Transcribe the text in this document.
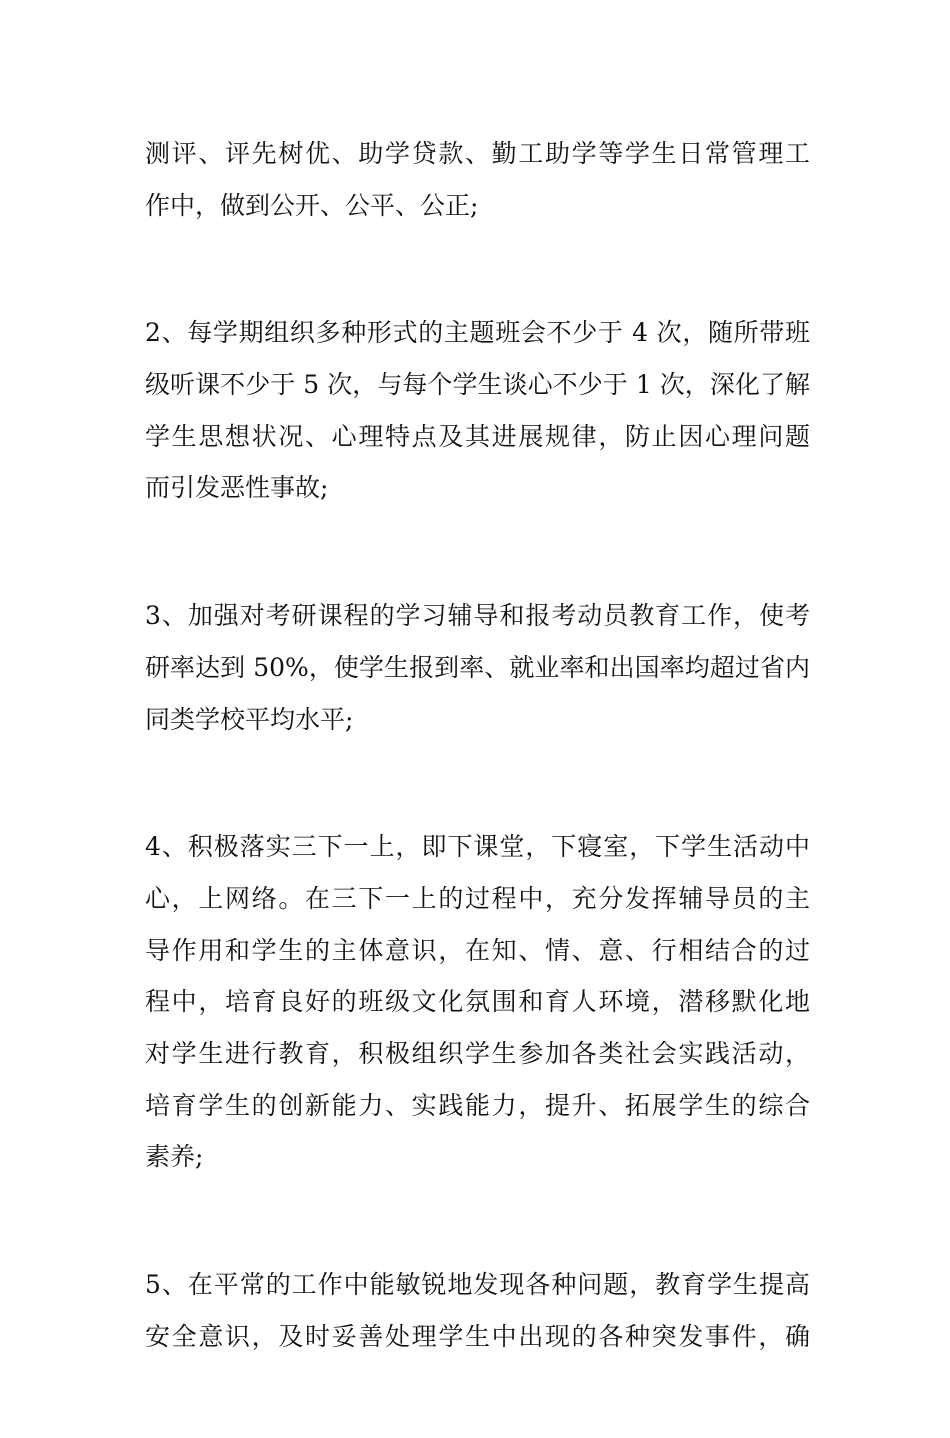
测评、评先树优、助学贷款、勤工助学等学生日常管理工
作中，做到公开、公平、公正;
2、每学期组织多种形式的主题班会不少于 4 次，随所带班
级听课不少于 5 次，与每个学生谈心不少于 1 次，深化了解
学生思想状况、心理特点及其进展规律，防止因心理问题
而引发恶性事故;
3、加强对考研课程的学习辅导和报考动员教育工作，使考
研率达到 50%，使学生报到率、就业率和出国率均超过省内
同类学校平均水平;
4、积极落实三下一上，即下课堂，下寝室，下学生活动中
心，上网络。在三下一上的过程中，充分发挥辅导员的主
导作用和学生的主体意识，在知、情、意、行相结合的过
程中，培育良好的班级文化氛围和育人环境，潜移默化地
对学生进行教育，积极组织学生参加各类社会实践活动，
培育学生的创新能力、实践能力，提升、拓展学生的综合
素养;
5、在平常的工作中能敏锐地发现各种问题，教育学生提高
安全意识，及时妥善处理学生中出现的各种突发事件，确
